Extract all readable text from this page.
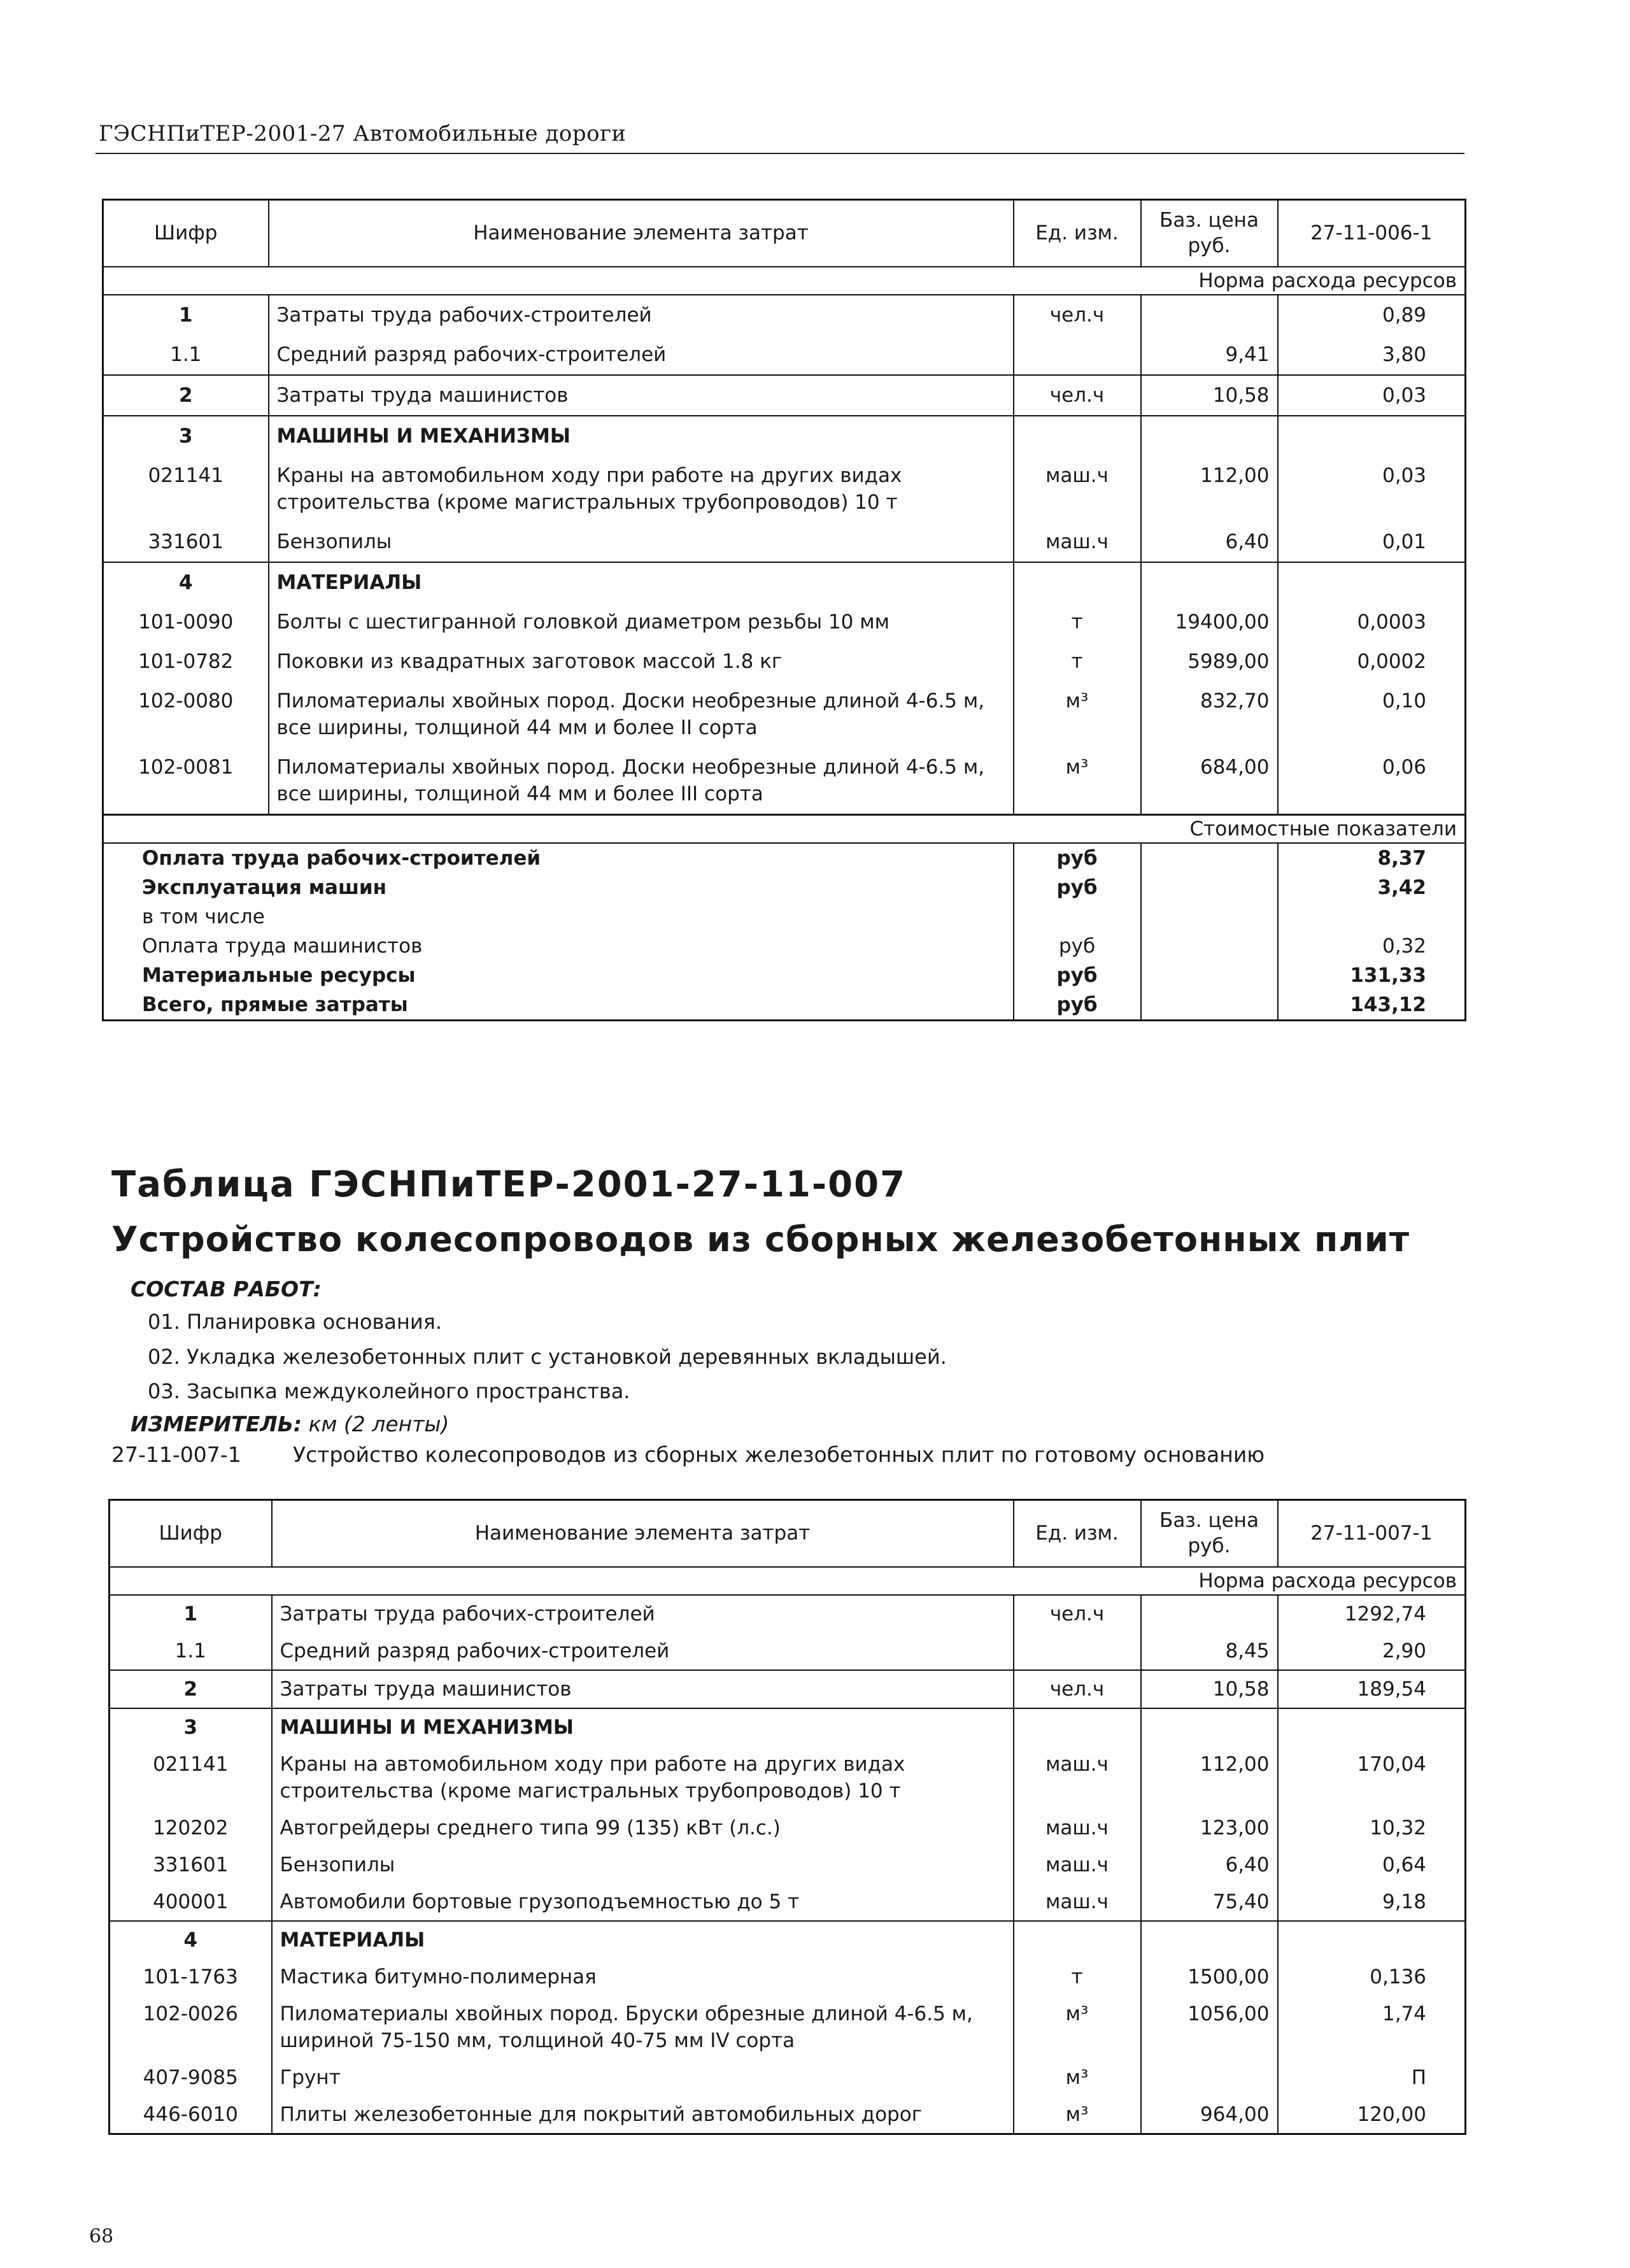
ГЭСНПиТЕР-2001-27 Автомобильные дороги
Шифр	Наименование элемента затрат	Ед. изм.	Баз. цена руб.	27-11-006-1
Норма расхода ресурсов				
1	Затраты труда рабочих-строителей	чел.ч		0,89
1.1	Средний разряд рабочих-строителей		9,41	3,80
2	Затраты труда машинистов	чел.ч	10,58	0,03
3	МАШИНЫ И МЕХАНИЗМЫ			
021141	Краны на автомобильном ходу при работе на других видах строительства (кроме магистральных трубопроводов) 10 т	маш.ч	112,00	0,03
331601	Бензопилы	маш.ч	6,40	0,01
4	МАТЕРИАЛЫ			
101-0090	Болты с шестигранной головкой диаметром резьбы 10 мм	т	19400,00	0,0003
101-0782	Поковки из квадратных заготовок массой 1.8 кг	т	5989,00	0,0002
102-0080	Пиломатериалы хвойных пород. Доски необрезные длиной 4-6.5 м, все ширины, толщиной 44 мм и более II сорта	м³	832,70	0,10
102-0081	Пиломатериалы хвойных пород. Доски необрезные длиной 4-6.5 м, все ширины, толщиной 44 мм и более III сорта	м³	684,00	0,06
Стоимостные показатели				
Оплата труда рабочих-строителей		руб		8,37
Эксплуатация машин		руб		3,42
в том числе				
Оплата труда машинистов		руб		0,32
Материальные ресурсы		руб		131,33
Всего, прямые затраты		руб		143,12
Таблица ГЭСНПиТЕР-2001-27-11-007
Устройство колесопроводов из сборных железобетонных плит
СОСТАВ РАБОТ:
01. Планировка основания.
02. Укладка железобетонных плит с установкой деревянных вкладышей.
03. Засыпка междуколейного пространства.
ИЗМЕРИТЕЛЬ: км (2 ленты)
27-11-007-1 Устройство колесопроводов из сборных железобетонных плит по готовому основанию
Шифр	Наименование элемента затрат	Ед. изм.	Баз. цена руб.	27-11-007-1
Норма расхода ресурсов				
1	Затраты труда рабочих-строителей	чел.ч		1292,74
1.1	Средний разряд рабочих-строителей		8,45	2,90
2	Затраты труда машинистов	чел.ч	10,58	189,54
3	МАШИНЫ И МЕХАНИЗМЫ			
021141	Краны на автомобильном ходу при работе на других видах строительства (кроме магистральных трубопроводов) 10 т	маш.ч	112,00	170,04
120202	Автогрейдеры среднего типа 99 (135) кВт (л.с.)	маш.ч	123,00	10,32
331601	Бензопилы	маш.ч	6,40	0,64
400001	Автомобили бортовые грузоподъемностью до 5 т	маш.ч	75,40	9,18
4	МАТЕРИАЛЫ			
101-1763	Мастика битумно-полимерная	т	1500,00	0,136
102-0026	Пиломатериалы хвойных пород. Бруски обрезные длиной 4-6.5 м, шириной 75-150 мм, толщиной 40-75 мм IV сорта	м³	1056,00	1,74
407-9085	Грунт	м³		П
446-6010	Плиты железобетонные для покрытий автомобильных дорог	м³	964,00	120,00
68
